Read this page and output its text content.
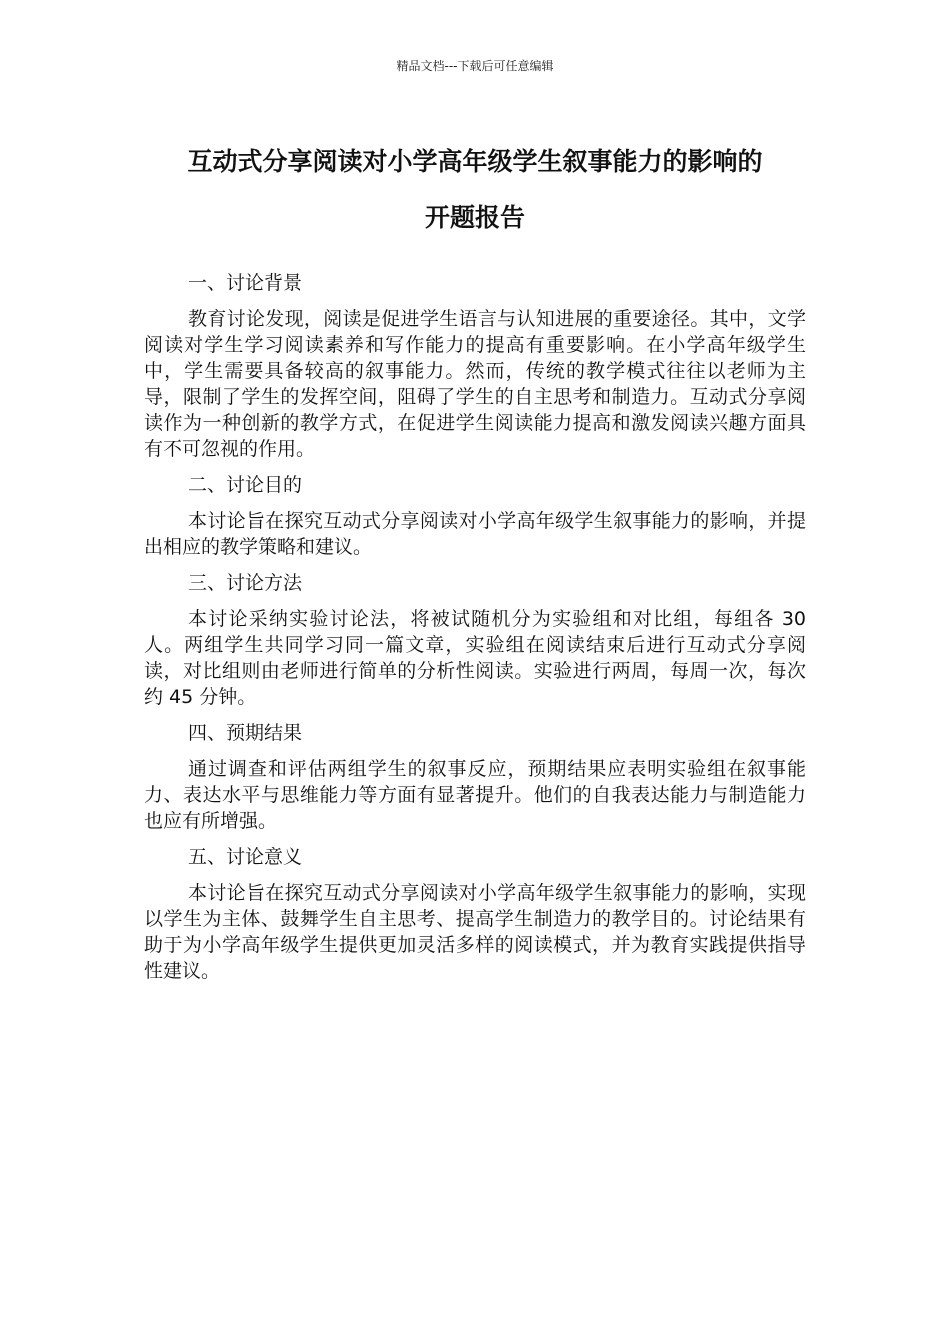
精品文档---下载后可任意编辑
互动式分享阅读对小学高年级学生叙事能力的影响的
开题报告
一、讨论背景

教育讨论发现，阅读是促进学生语言与认知进展的重要途径。其中，文学阅读对学生学习阅读素养和写作能力的提高有重要影响。在小学高年级学生中，学生需要具备较高的叙事能力。然而，传统的教学模式往往以老师为主导，限制了学生的发挥空间，阻碍了学生的自主思考和制造力。互动式分享阅读作为一种创新的教学方式，在促进学生阅读能力提高和激发阅读兴趣方面具有不可忽视的作用。

二、讨论目的

本讨论旨在探究互动式分享阅读对小学高年级学生叙事能力的影响，并提出相应的教学策略和建议。

三、讨论方法

本讨论采纳实验讨论法，将被试随机分为实验组和对比组，每组各 30 人。两组学生共同学习同一篇文章，实验组在阅读结束后进行互动式分享阅读，对比组则由老师进行简单的分析性阅读。实验进行两周，每周一次，每次约 45 分钟。

四、预期结果

通过调查和评估两组学生的叙事反应，预期结果应表明实验组在叙事能力、表达水平与思维能力等方面有显著提升。他们的自我表达能力与制造能力也应有所增强。

五、讨论意义

本讨论旨在探究互动式分享阅读对小学高年级学生叙事能力的影响，实现以学生为主体、鼓舞学生自主思考、提高学生制造力的教学目的。讨论结果有助于为小学高年级学生提供更加灵活多样的阅读模式，并为教育实践提供指导性建议。
